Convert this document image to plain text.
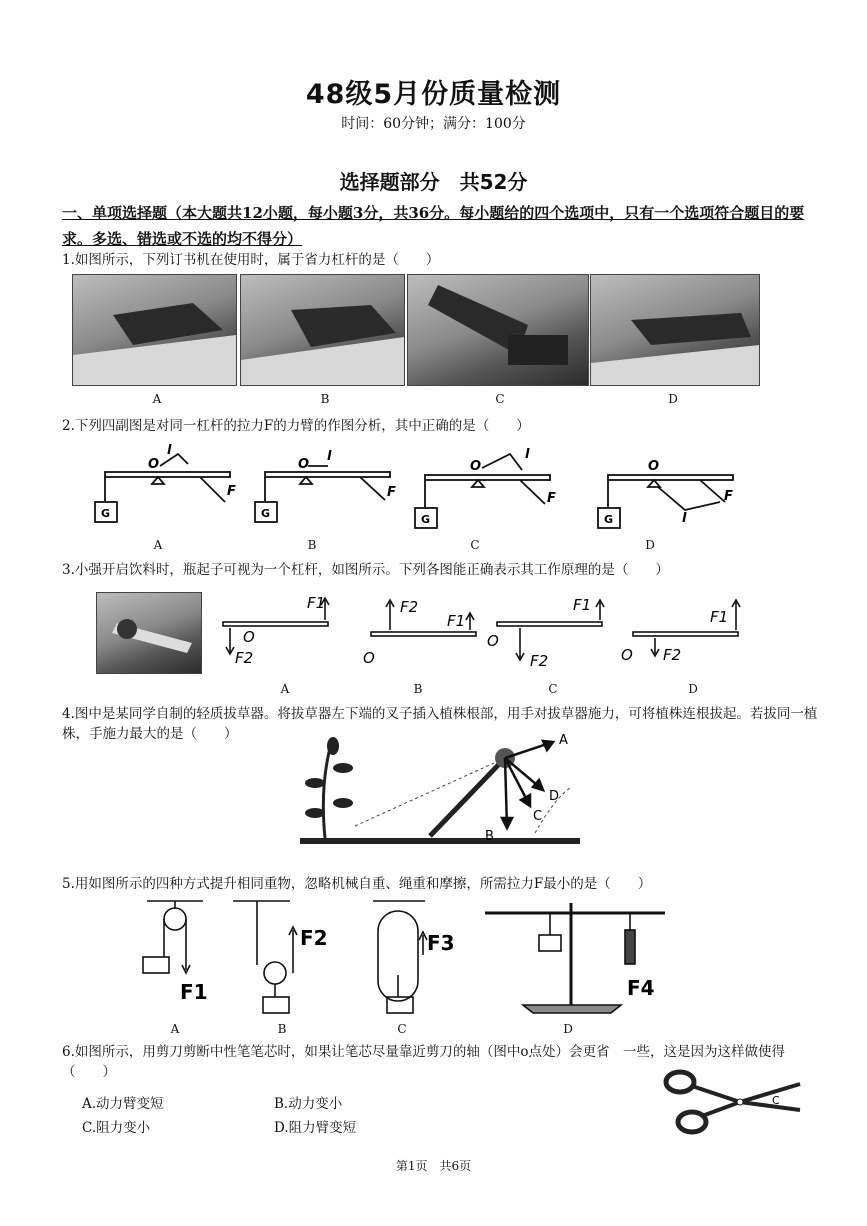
48级5月份质量检测
时间：60分钟；满分：100分
选择题部分　共52分
一、单项选择题（本大题共12小题，每小题3分，共36分。每小题给的四个选项中，只有一个选项符合题目的要求。多选、错选或不选的均不得分）
1.如图所示，下列订书机在使用时，属于省力杠杆的是（　　）
A	B	C	D
2.下列四副图是对同一杠杆的拉力F的力臂的作图分析，其中正确的是（　　）
G
O
l
F
G
O
l
F
G
O
l
F
G
O
l
F
A	B	C	D
3.小强开启饮料时，瓶起子可视为一个杠杆，如图所示。下列各图能正确表示其工作原理的是（　　）
F1
F2
O
F2
F1
O
F1
F2
O
F1
F2
O
A	B	C	D
4.图中是某同学自制的轻质拔草器。将拔草器左下端的叉子插入植株根部，用手对拔草器施力，可将植株连根拔起。若拔同一植株，手施力最大的是（　　）	A
B
C
D
5.用如图所示的四种方式提升相同重物，忽略机械自重、绳重和摩擦，所需拉力F最小的是（　　）
F1
F2	F3
F4
A	B	C	D
6.如图所示，用剪刀剪断中性笔笔芯时，如果让笔芯尽量靠近剪刀的轴（图中o点处）会更省　一些，这是因为这样做使得（　　）
A.动力臂变短	B.动力变小
C.阻力变小	D.阻力臂变短
C
第1页　共6页
